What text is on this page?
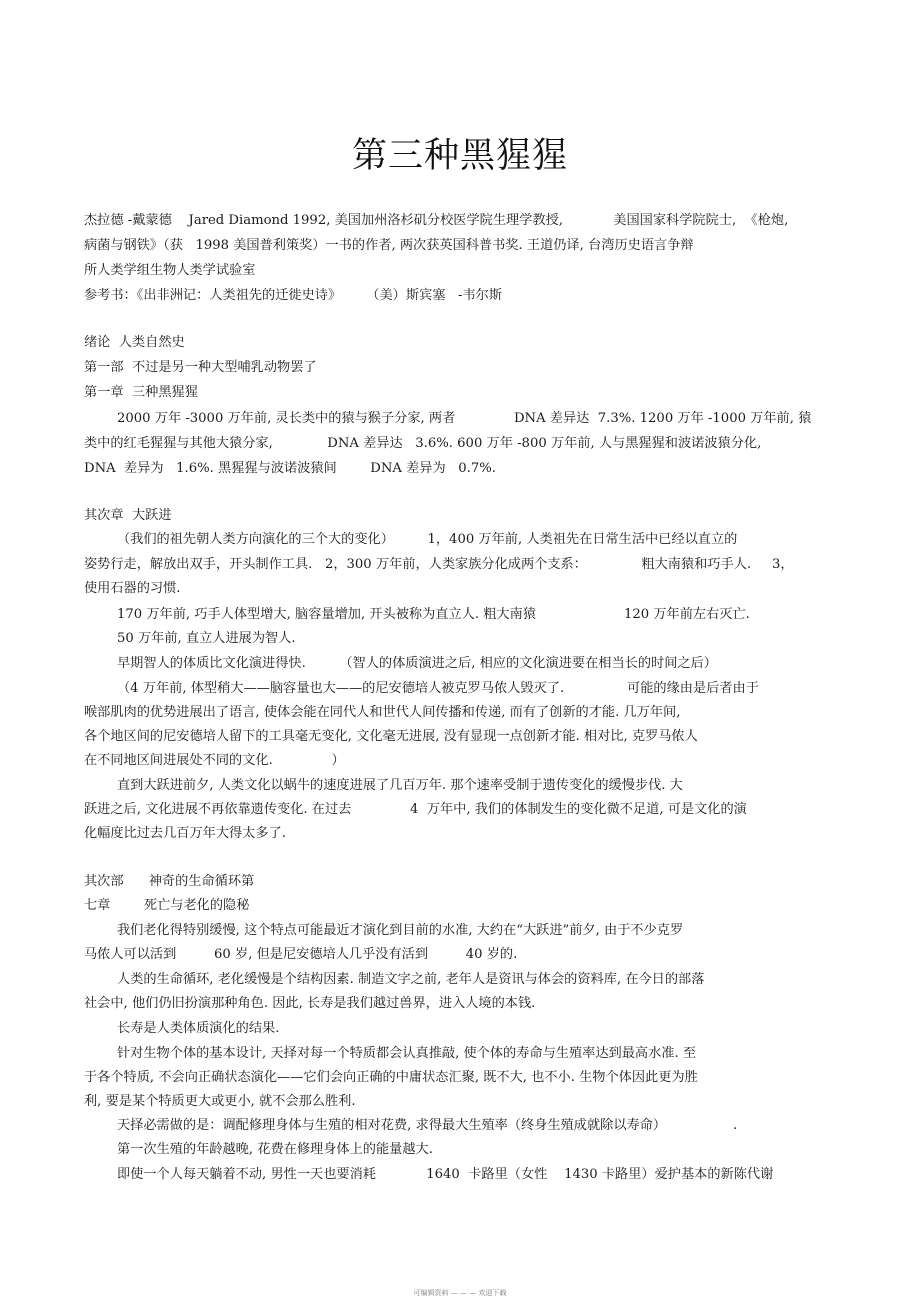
第三种黑猩猩
杰拉德 -戴蒙德    Jared Diamond 1992, 美国加州洛杉矶分校医学院生理学教授,            美国国家科学院院士,  《枪炮,
病菌与钢铁》（获   1998 美国普利策奖）一书的作者, 两次获英国科普书奖. 王道仍译, 台湾历史语言争辩
所人类学组生物人类学试验室
参考书：《出非洲记：人类祖先的迁徙史诗》      （美）斯宾塞   -韦尔斯
绪论  人类自然史
第一部  不过是另一种大型哺乳动物罢了
第一章  三种黑猩猩
2000 万年 -3000 万年前, 灵长类中的猿与猴子分家, 两者              DNA 差异达  7.3%. 1200 万年 -1000 万年前, 猿
类中的红毛猩猩与其他大猿分家,             DNA 差异达   3.6%. 600 万年 -800 万年前, 人与黑猩猩和波诺波猿分化,
DNA  差异为   1.6%. 黑猩猩与波诺波猿间        DNA 差异为   0.7%.
其次章  大跃进
（我们的祖先朝人类方向演化的三个大的变化）        1，400 万年前, 人类祖先在日常生活中已经以直立的
姿势行走，解放出双手，开头制作工具.   2，300 万年前，人类家族分化成两个支系：             粗大南猿和巧手人.     3，
使用石器的习惯.
170 万年前, 巧手人体型增大, 脑容量增加, 开头被称为直立人. 粗大南猿                     120 万年前左右灭亡.
50 万年前, 直立人进展为智人.
早期智人的体质比文化演进得快.        （智人的体质演进之后, 相应的文化演进要在相当长的时间之后）
（4 万年前, 体型稍大——脑容量也大——的尼安德培人被克罗马侬人毁灭了.               可能的缘由是后者由于
喉部肌肉的优势进展出了语言, 使体会能在同代人和世代人间传播和传递, 而有了创新的才能. 几万年间,
各个地区间的尼安德培人留下的工具毫无变化, 文化毫无进展, 没有显现一点创新才能. 相对比, 克罗马侬人
在不同地区间进展处不同的文化.              ）
直到大跃进前夕, 人类文化以蜗牛的速度进展了几百万年. 那个速率受制于遗传变化的缓慢步伐. 大
跃进之后, 文化进展不再依靠遗传变化. 在过去              4  万年中, 我们的体制发生的变化微不足道, 可是文化的演
化幅度比过去几百万年大得太多了.
其次部      神奇的生命循环第
七章        死亡与老化的隐秘
我们老化得特别缓慢, 这个特点可能最近才演化到目前的水准, 大约在“大跃进”前夕, 由于不少克罗
马侬人可以活到         60 岁, 但是尼安德培人几乎没有活到         40 岁的.
人类的生命循环, 老化缓慢是个结构因素. 制造文字之前, 老年人是资讯与体会的资料库, 在今日的部落
社会中, 他们仍旧扮演那种角色. 因此, 长寿是我们越过兽界，进入人境的本钱.
长寿是人类体质演化的结果.
针对生物个体的基本设计, 天择对每一个特质都会认真推敲, 使个体的寿命与生殖率达到最高水准. 至
于各个特质, 不会向正确状态演化——它们会向正确的中庸状态汇聚, 既不大, 也不小. 生物个体因此更为胜
利, 要是某个特质更大或更小, 就不会那么胜利.
天择必需做的是：调配修理身体与生殖的相对花费, 求得最大生殖率（终身生殖成就除以寿命）                .
第一次生殖的年龄越晚, 花费在修理身体上的能量越大.
即使一个人每天躺着不动, 男性一天也要消耗            1640  卡路里（女性    1430 卡路里）爱护基本的新陈代谢
可编辑资料 — — — 欢迎下载
